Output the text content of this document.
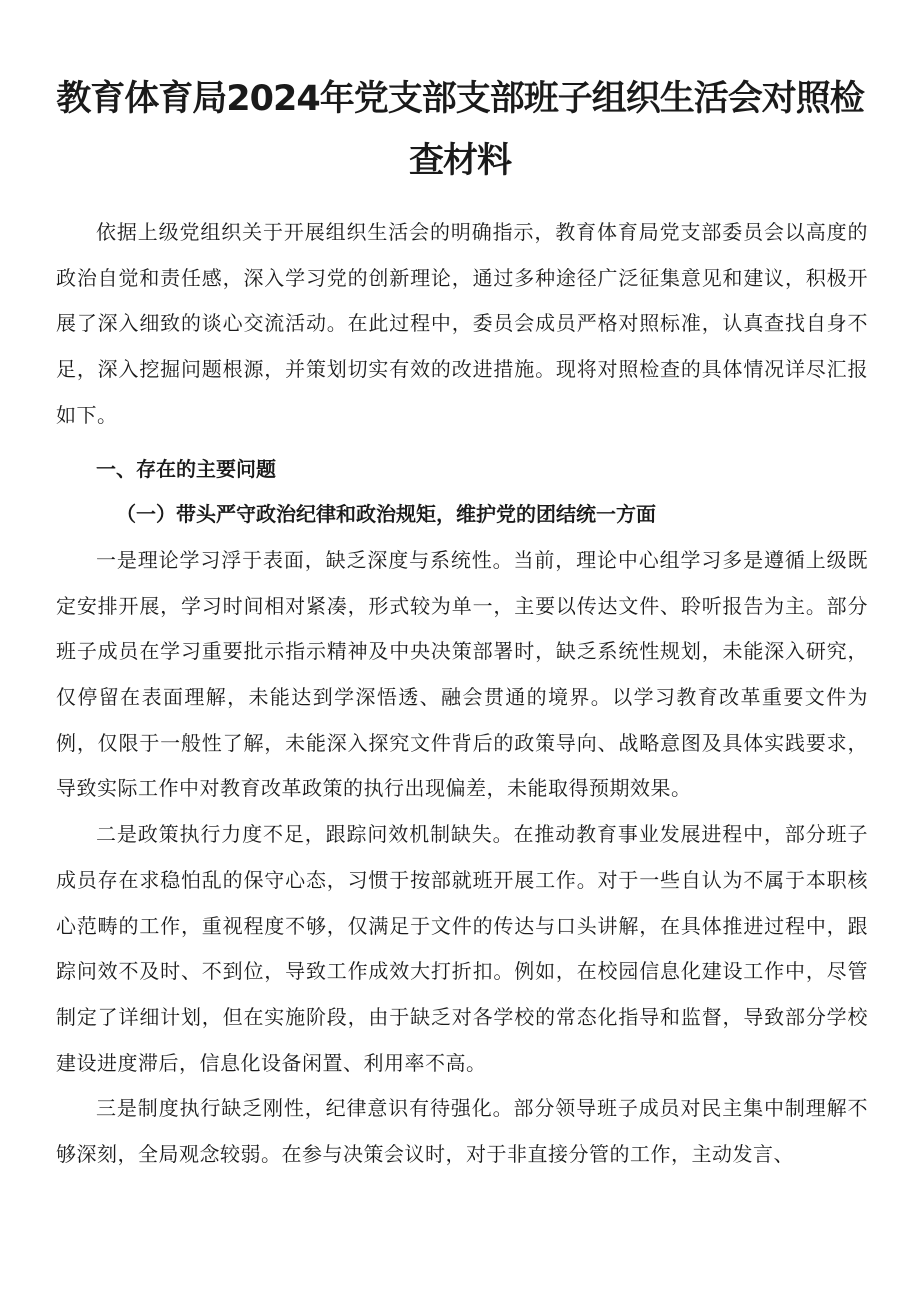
教育体育局2024年党支部支部班子组织生活会对照检查材料

依据上级党组织关于开展组织生活会的明确指示，教育体育局党支部委员会以高度的政治自觉和责任感，深入学习党的创新理论，通过多种途径广泛征集意见和建议，积极开展了深入细致的谈心交流活动。在此过程中，委员会成员严格对照标准，认真查找自身不足，深入挖掘问题根源，并策划切实有效的改进措施。现将对照检查的具体情况详尽汇报如下。

一、存在的主要问题

（一）带头严守政治纪律和政治规矩，维护党的团结统一方面

一是理论学习浮于表面，缺乏深度与系统性。当前，理论中心组学习多是遵循上级既定安排开展，学习时间相对紧凑，形式较为单一，主要以传达文件、聆听报告为主。部分班子成员在学习重要批示指示精神及中央决策部署时，缺乏系统性规划，未能深入研究，仅停留在表面理解，未能达到学深悟透、融会贯通的境界。以学习教育改革重要文件为例，仅限于一般性了解，未能深入探究文件背后的政策导向、战略意图及具体实践要求，导致实际工作中对教育改革政策的执行出现偏差，未能取得预期效果。

二是政策执行力度不足，跟踪问效机制缺失。在推动教育事业发展进程中，部分班子成员存在求稳怕乱的保守心态，习惯于按部就班开展工作。对于一些自认为不属于本职核心范畴的工作，重视程度不够，仅满足于文件的传达与口头讲解，在具体推进过程中，跟踪问效不及时、不到位，导致工作成效大打折扣。例如，在校园信息化建设工作中，尽管制定了详细计划，但在实施阶段，由于缺乏对各学校的常态化指导和监督，导致部分学校建设进度滞后，信息化设备闲置、利用率不高。

三是制度执行缺乏刚性，纪律意识有待强化。部分领导班子成员对民主集中制理解不够深刻，全局观念较弱。在参与决策会议时，对于非直接分管的工作，主动发言、
